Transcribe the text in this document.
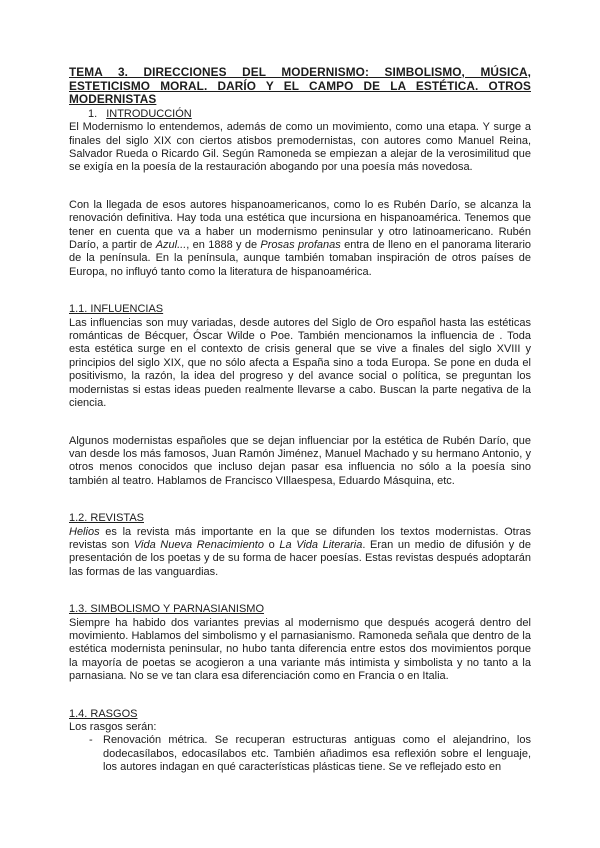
TEMA 3. DIRECCIONES DEL MODERNISMO: SIMBOLISMO, MÚSICA, ESTETICISMO MORAL. DARÍO Y EL CAMPO DE LA ESTÉTICA. OTROS MODERNISTAS
1. INTRODUCCIÓN

El Modernismo lo entendemos, además de como un movimiento, como una etapa. Y surge a finales del siglo XIX con ciertos atisbos premodernistas, con autores como Manuel Reina, Salvador Rueda o Ricardo Gil. Según Ramoneda se empiezan a alejar de la verosimilitud que se exigía en la poesía de la restauración abogando por una poesía más novedosa.

Con la llegada de esos autores hispanoamericanos, como lo es Rubén Darío, se alcanza la renovación definitiva. Hay toda una estética que incursiona en hispanoamérica. Tenemos que tener en cuenta que va a haber un modernismo peninsular y otro latinoamericano. Rubén Darío, a partir de Azul..., en 1888 y de Prosas profanas entra de lleno en el panorama literario de la península. En la península, aunque también tomaban inspiración de otros países de Europa, no influyó tanto como la literatura de hispanoamérica.

1.1. INFLUENCIAS

Las influencias son muy variadas, desde autores del Siglo de Oro español hasta las estéticas románticas de Bécquer, Óscar Wilde o Poe. También mencionamos la influencia de . Toda esta estética surge en el contexto de crisis general que se vive a finales del siglo XVIII y principios del siglo XIX, que no sólo afecta a España sino a toda Europa. Se pone en duda el positivismo, la razón, la idea del progreso y del avance social o política, se preguntan los modernistas si estas ideas pueden realmente llevarse a cabo. Buscan la parte negativa de la ciencia.

Algunos modernistas españoles que se dejan influenciar por la estética de Rubén Darío, que van desde los más famosos, Juan Ramón Jiménez, Manuel Machado y su hermano Antonio, y otros menos conocidos que incluso dejan pasar esa influencia no sólo a la poesía sino también al teatro. Hablamos de Francisco VIllaespesa, Eduardo Másquina, etc.

1.2. REVISTAS

Helios es la revista más importante en la que se difunden los textos modernistas. Otras revistas son Vida Nueva Renacimiento o La Vida Literaria. Eran un medio de difusión y de presentación de los poetas y de su forma de hacer poesías. Estas revistas después adoptarán las formas de las vanguardias.

1.3. SIMBOLISMO Y PARNASIANISMO

Siempre ha habido dos variantes previas al modernismo que después acogerá dentro del movimiento. Hablamos del simbolismo y el parnasianismo. Ramoneda señala que dentro de la estética modernista peninsular, no hubo tanta diferencia entre estos dos movimientos porque la mayoría de poetas se acogieron a una variante más intimista y simbolista y no tanto a la parnasiana. No se ve tan clara esa diferenciación como en Francia o en Italia.

1.4. RASGOS

Los rasgos serán:

- Renovación métrica. Se recuperan estructuras antiguas como el alejandrino, los dodecasílabos, edocasílabos etc. También añadimos esa reflexión sobre el lenguaje, los autores indagan en qué características plásticas tiene. Se ve reflejado esto en
